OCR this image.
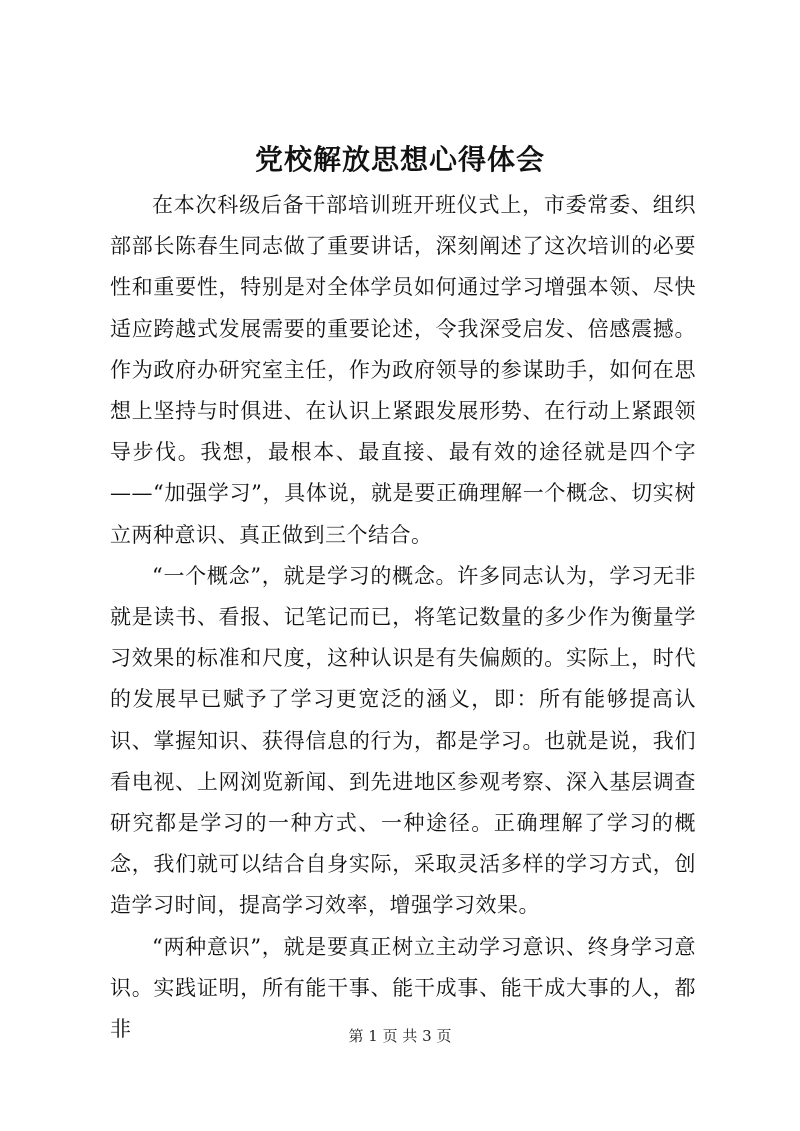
党校解放思想心得体会

在本次科级后备干部培训班开班仪式上，市委常委、组织部部长陈春生同志做了重要讲话，深刻阐述了这次培训的必要性和重要性，特别是对全体学员如何通过学习增强本领、尽快适应跨越式发展需要的重要论述，令我深受启发、倍感震撼。作为政府办研究室主任，作为政府领导的参谋助手，如何在思想上坚持与时俱进、在认识上紧跟发展形势、在行动上紧跟领导步伐。我想，最根本、最直接、最有效的途径就是四个字——“加强学习”，具体说，就是要正确理解一个概念、切实树立两种意识、真正做到三个结合。

“一个概念”，就是学习的概念。许多同志认为，学习无非就是读书、看报、记笔记而已，将笔记数量的多少作为衡量学习效果的标准和尺度，这种认识是有失偏颇的。实际上，时代的发展早已赋予了学习更宽泛的涵义，即：所有能够提高认识、掌握知识、获得信息的行为，都是学习。也就是说，我们看电视、上网浏览新闻、到先进地区参观考察、深入基层调查研究都是学习的一种方式、一种途径。正确理解了学习的概念，我们就可以结合自身实际，采取灵活多样的学习方式，创造学习时间，提高学习效率，增强学习效果。

“两种意识”，就是要真正树立主动学习意识、终身学习意识。实践证明，所有能干事、能干成事、能干成大事的人，都非	第 1 页 共 3 页
